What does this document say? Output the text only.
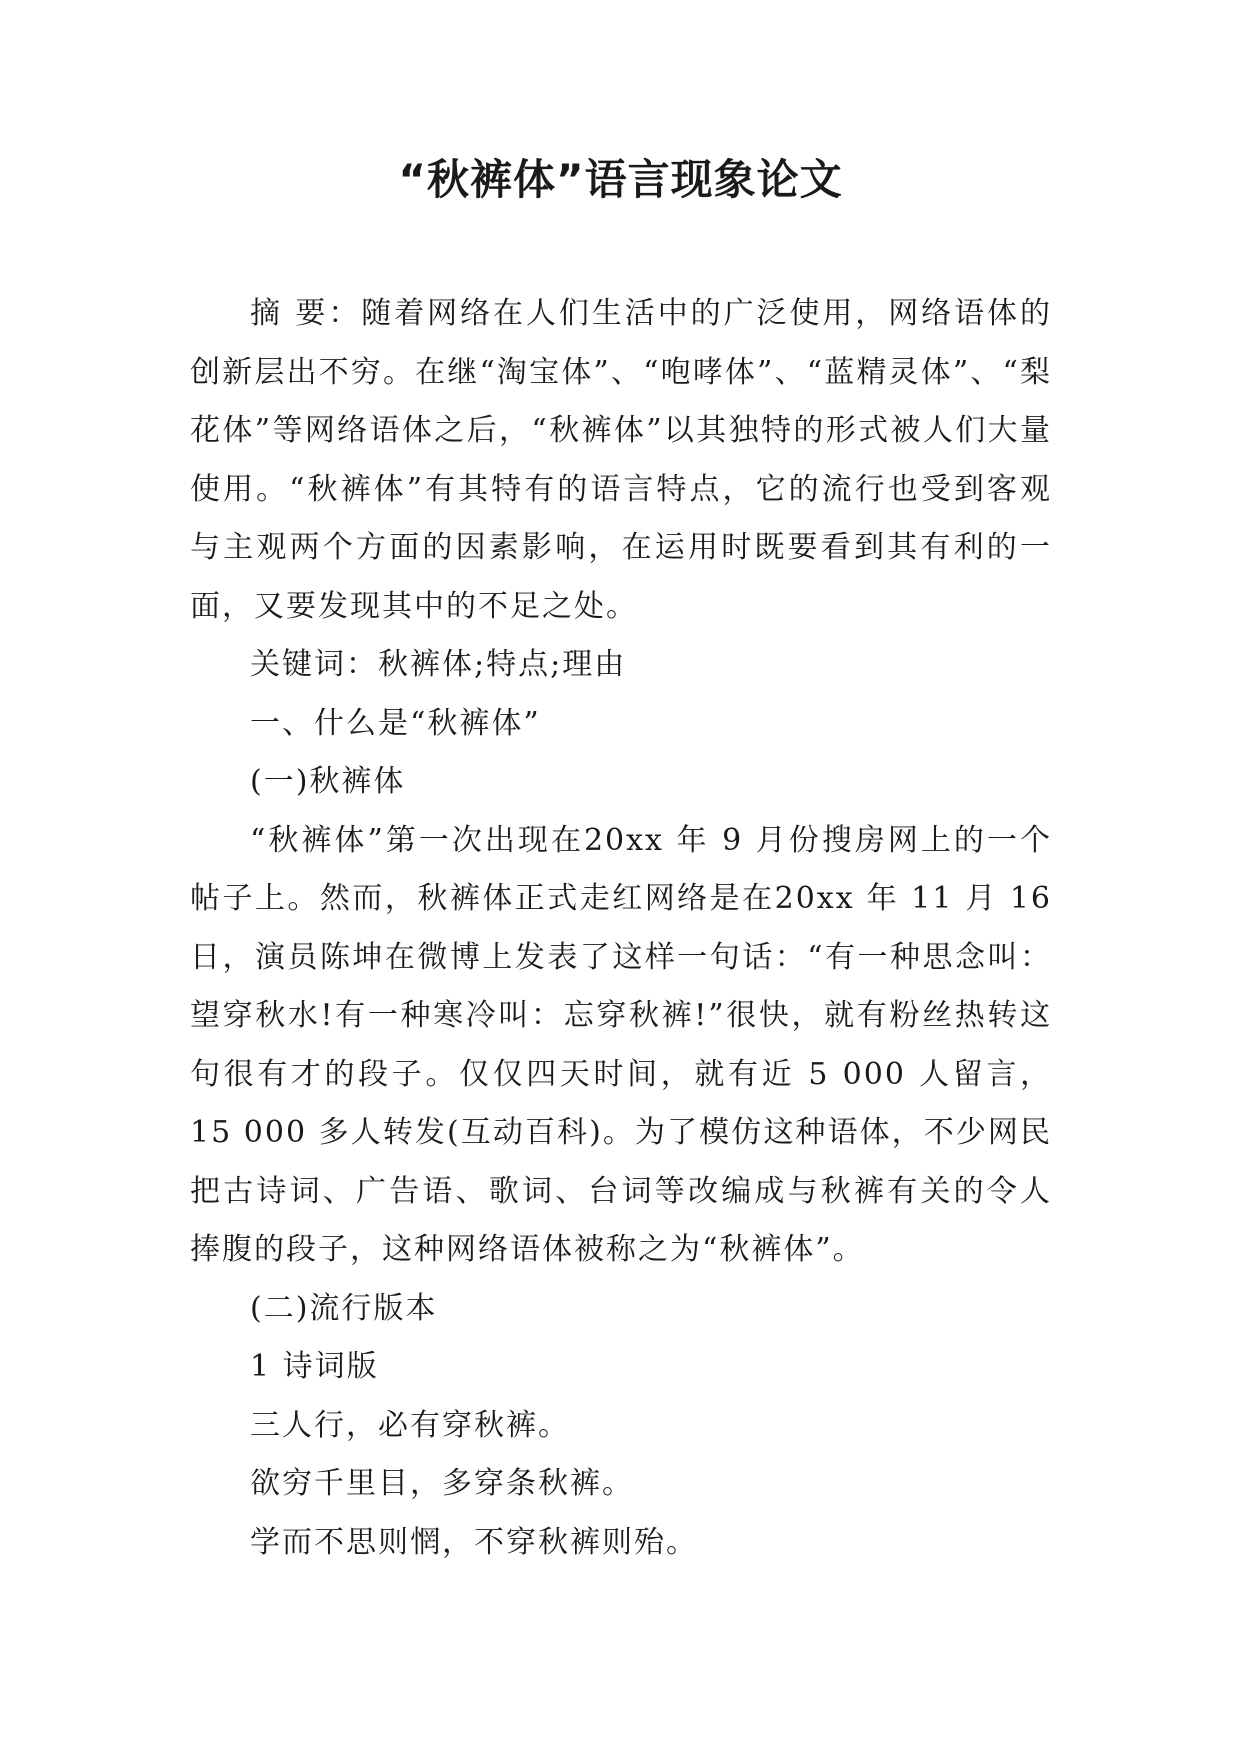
“秋裤体”语言现象论文

摘 要：随着网络在人们生活中的广泛使用，网络语体的创新层出不穷。在继“淘宝体”、“咆哮体”、“蓝精灵体”、“梨花体”等网络语体之后，“秋裤体”以其独特的形式被人们大量使用。“秋裤体”有其特有的语言特点，它的流行也受到客观与主观两个方面的因素影响，在运用时既要看到其有利的一面，又要发现其中的不足之处。

关键词：秋裤体;特点;理由

一、什么是“秋裤体”

(一)秋裤体

“秋裤体”第一次出现在20xx 年 9 月份搜房网上的一个帖子上。然而，秋裤体正式走红网络是在20xx 年 11 月 16日，演员陈坤在微博上发表了这样一句话：“有一种思念叫：望穿秋水!有一种寒冷叫：忘穿秋裤!”很快，就有粉丝热转这句很有才的段子。仅仅四天时间，就有近 5 000 人留言，15 000 多人转发(互动百科)。为了模仿这种语体，不少网民把古诗词、广告语、歌词、台词等改编成与秋裤有关的令人捧腹的段子，这种网络语体被称之为“秋裤体”。

(二)流行版本

1 诗词版

三人行，必有穿秋裤。

欲穷千里目，多穿条秋裤。

学而不思则惘，不穿秋裤则殆。
